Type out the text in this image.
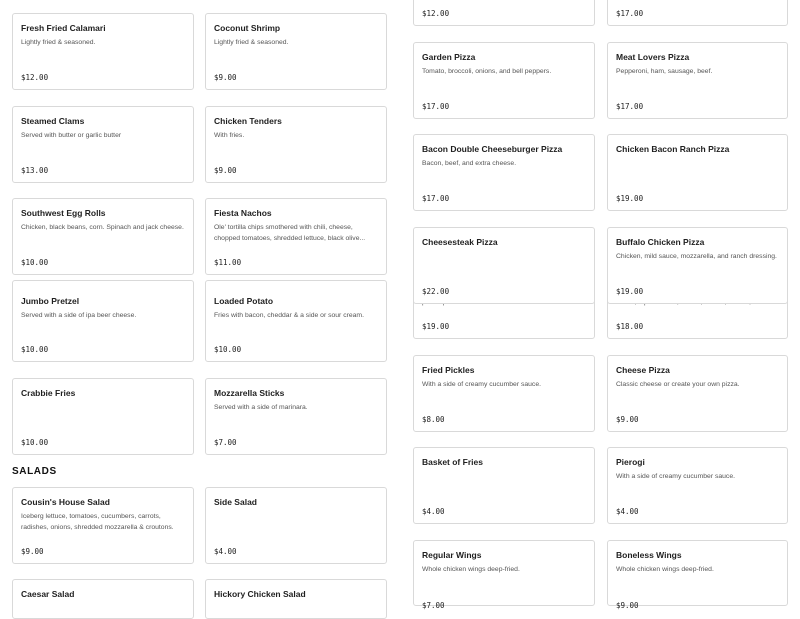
Fresh Fried Calamari
Lightly fried & seasoned.
$12.00
Coconut Shrimp
Lightly fried & seasoned.
$9.00
Steamed Clams
Served with butter or garlic butter
$13.00
Chicken Tenders
With fries.
$9.00
Jumbo Pretzel
Served with a side of ipa beer cheese.
$10.00
Loaded Potato
Fries with bacon, cheddar & a side or sour cream.
$10.00
Southwest Egg Rolls
Chicken, black beans, corn. Spinach and jack cheese.
$10.00
Fiesta Nachos
Ole' tortilla chips smothered with chili, cheese, chopped tomatoes, shredded lettuce, black olive...
$11.00
Crabbie Fries
$10.00
Mozzarella Sticks
Served with a side of marinara.
$7.00
SALADS
Cousin's House Salad
Iceberg lettuce, tomatoes, cucumbers, carrots, radishes, onions, shredded mozzarella & croutons.
$9.00
Side Salad
$4.00
Caesar Salad	Hickory Chicken Salad
$12.00	$17.00
Garden Pizza
Tomato, broccoli, onions, and bell peppers.
$17.00
Meat Lovers Pizza
Pepperoni, ham, sausage, beef.
$17.00
Bacon Double Cheeseburger Pizza
Bacon, beef, and extra cheese.
$17.00
Chicken Bacon Ranch Pizza
$19.00
$19.00	$18.00
Cheesesteak Pizza
$22.00
Buffalo Chicken Pizza
Chicken, mild sauce, mozzarella, and ranch dressing.
$19.00
Fried Pickles
With a side of creamy cucumber sauce.
$8.00
Cheese Pizza
Classic cheese or create your own pizza.
$9.00
Basket of Fries
$4.00
Pierogi
With a side of creamy cucumber sauce.
$4.00
Regular Wings
Whole chicken wings deep-fried.
$7.00
Boneless Wings
Whole chicken wings deep-fried.
$9.00
